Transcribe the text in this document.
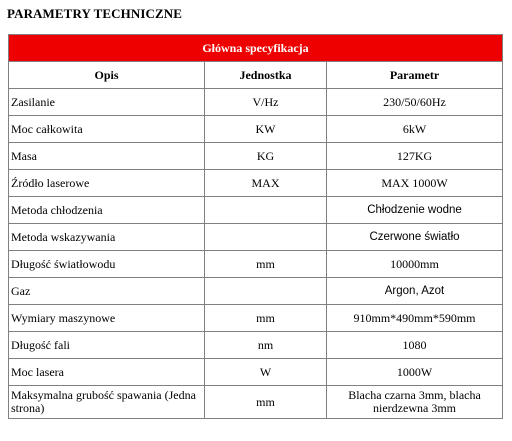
PARAMETRY TECHNICZNE
Główna specyfikacja		
Opis	Jednostka	Parametr
Zasilanie	V/Hz	230/50/60Hz
Moc całkowita	KW	6kW
Masa	KG	127KG
Źródło laserowe	MAX	MAX 1000W
Metoda chłodzenia		Chłodzenie wodne
Metoda wskazywania		Czerwone światło
Długość światłowodu	mm	10000mm
Gaz		Argon, Azot
Wymiary maszynowe	mm	910mm*490mm*590mm
Długość fali	nm	1080
Moc lasera	W	1000W
Maksymalna grubość spawania (Jedna strona)	mm	Blacha czarna 3mm, blacha nierdzewna 3mm
